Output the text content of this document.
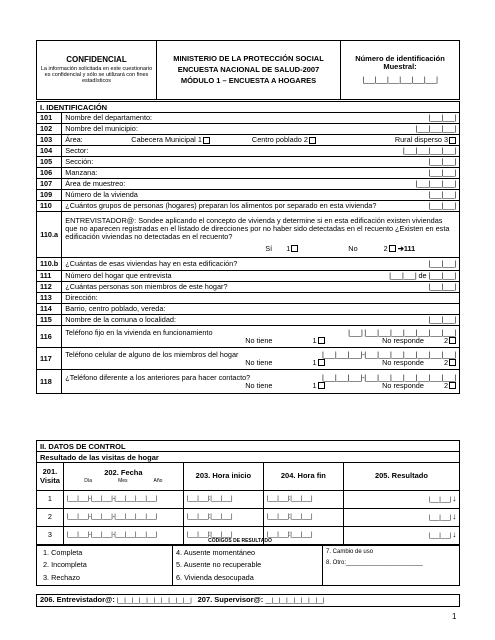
CONFIDENCIAL
La información solicitada en este cuestionario es confidencial y sólo se utilizará con fines estadísticos

MINISTERIO DE LA PROTECCIÓN SOCIAL
ENCUESTA NACIONAL DE SALUD-2007
MÓDULO 1 – ENCUESTA A HOGARES

Número de identificación Muestral:
|___|___|___|___|___|___|
I. IDENTIFICACIÓN
101	Nombre del departamento: |___|___|

102	Nombre del municipio: |___|___|___|

103	Área: Cabecera Municipal 1 Centro poblado 2 Rural disperso 3

104	Sector: |___|___|___|___|

105	Sección: |___|___|

106	Manzana: |___|___|

107	Área de muestreo: |___|___|___|

109	Número de la vivienda |___|___|

110	¿Cuántos grupos de personas (hogares) preparan los alimentos por separado en esta vivienda? |___|___|

110.a	ENTREVISTADOR@: Sondee aplicando el concepto de vivienda y determine si en esta edificación existen viviendas que no aparecen registradas en el listado de direcciones por no haber sido detectadas en el recuento ¿Existen en esta edificación viviendas no detectadas en el recuento?
Sí 1 No 2 ➔111

110.b	¿Cuántas de esas viviendas hay en esta edificación? |___|___|

111	Número del hogar que entrevista |___|___| de |___|___|

112	¿Cuántas personas son miembros de este hogar? |___|___|

113	Dirección:
114	Barrio, centro poblado, vereda:
115	Nombre de la comuna o localidad: |___|___|

116	Teléfono fijo en la vivienda en funcionamiento |___| |___|___|___|___|___|___|___|
No tiene 1 No responde 2

117	Teléfono celular de alguno de los miembros del hogar |___|___|___|-|___|___|___|___|___|___|___|
No tiene 1 No responde 2

118	¿Teléfono diferente a los anteriores para hacer contacto? |___|___|___|-|___|___|___|___|___|___|___|
No tiene 1 No responde 2
II. DATOS DE CONTROL
Resultado de las visitas de hogar
201. Visita	202. Fecha
Día Mes Año	203. Hora inicio	204. Hora fin	205. Resultado
1	|___|___|-|___|___|-|___|___|___|___|	|___|___|:|___|___|	|___|___|:|___|___|	|___|___| ↓
2	|___|___|-|___|___|-|___|___|___|___|	|___|___|:|___|___|	|___|___|:|___|___|	|___|___| ↓
3	|___|___|-|___|___|-|___|___|___|___|	|___|___|:|___|___|	|___|___|:|___|___|	|___|___| ↓
CÓDIGOS DE RESULTADO
1. Completa
2. Incompleta
3. Rechazo

4. Ausente momentáneo
5. Ausente no recuperable
6. Vivienda desocupada

7. Cambio de uso
8. Otro:_______________________
206. Entrevistador@: |__|__|__|__|__|__|__|__|__|__| 207. Supervisor@: __|__|__|__|__|__|__|__|
1
